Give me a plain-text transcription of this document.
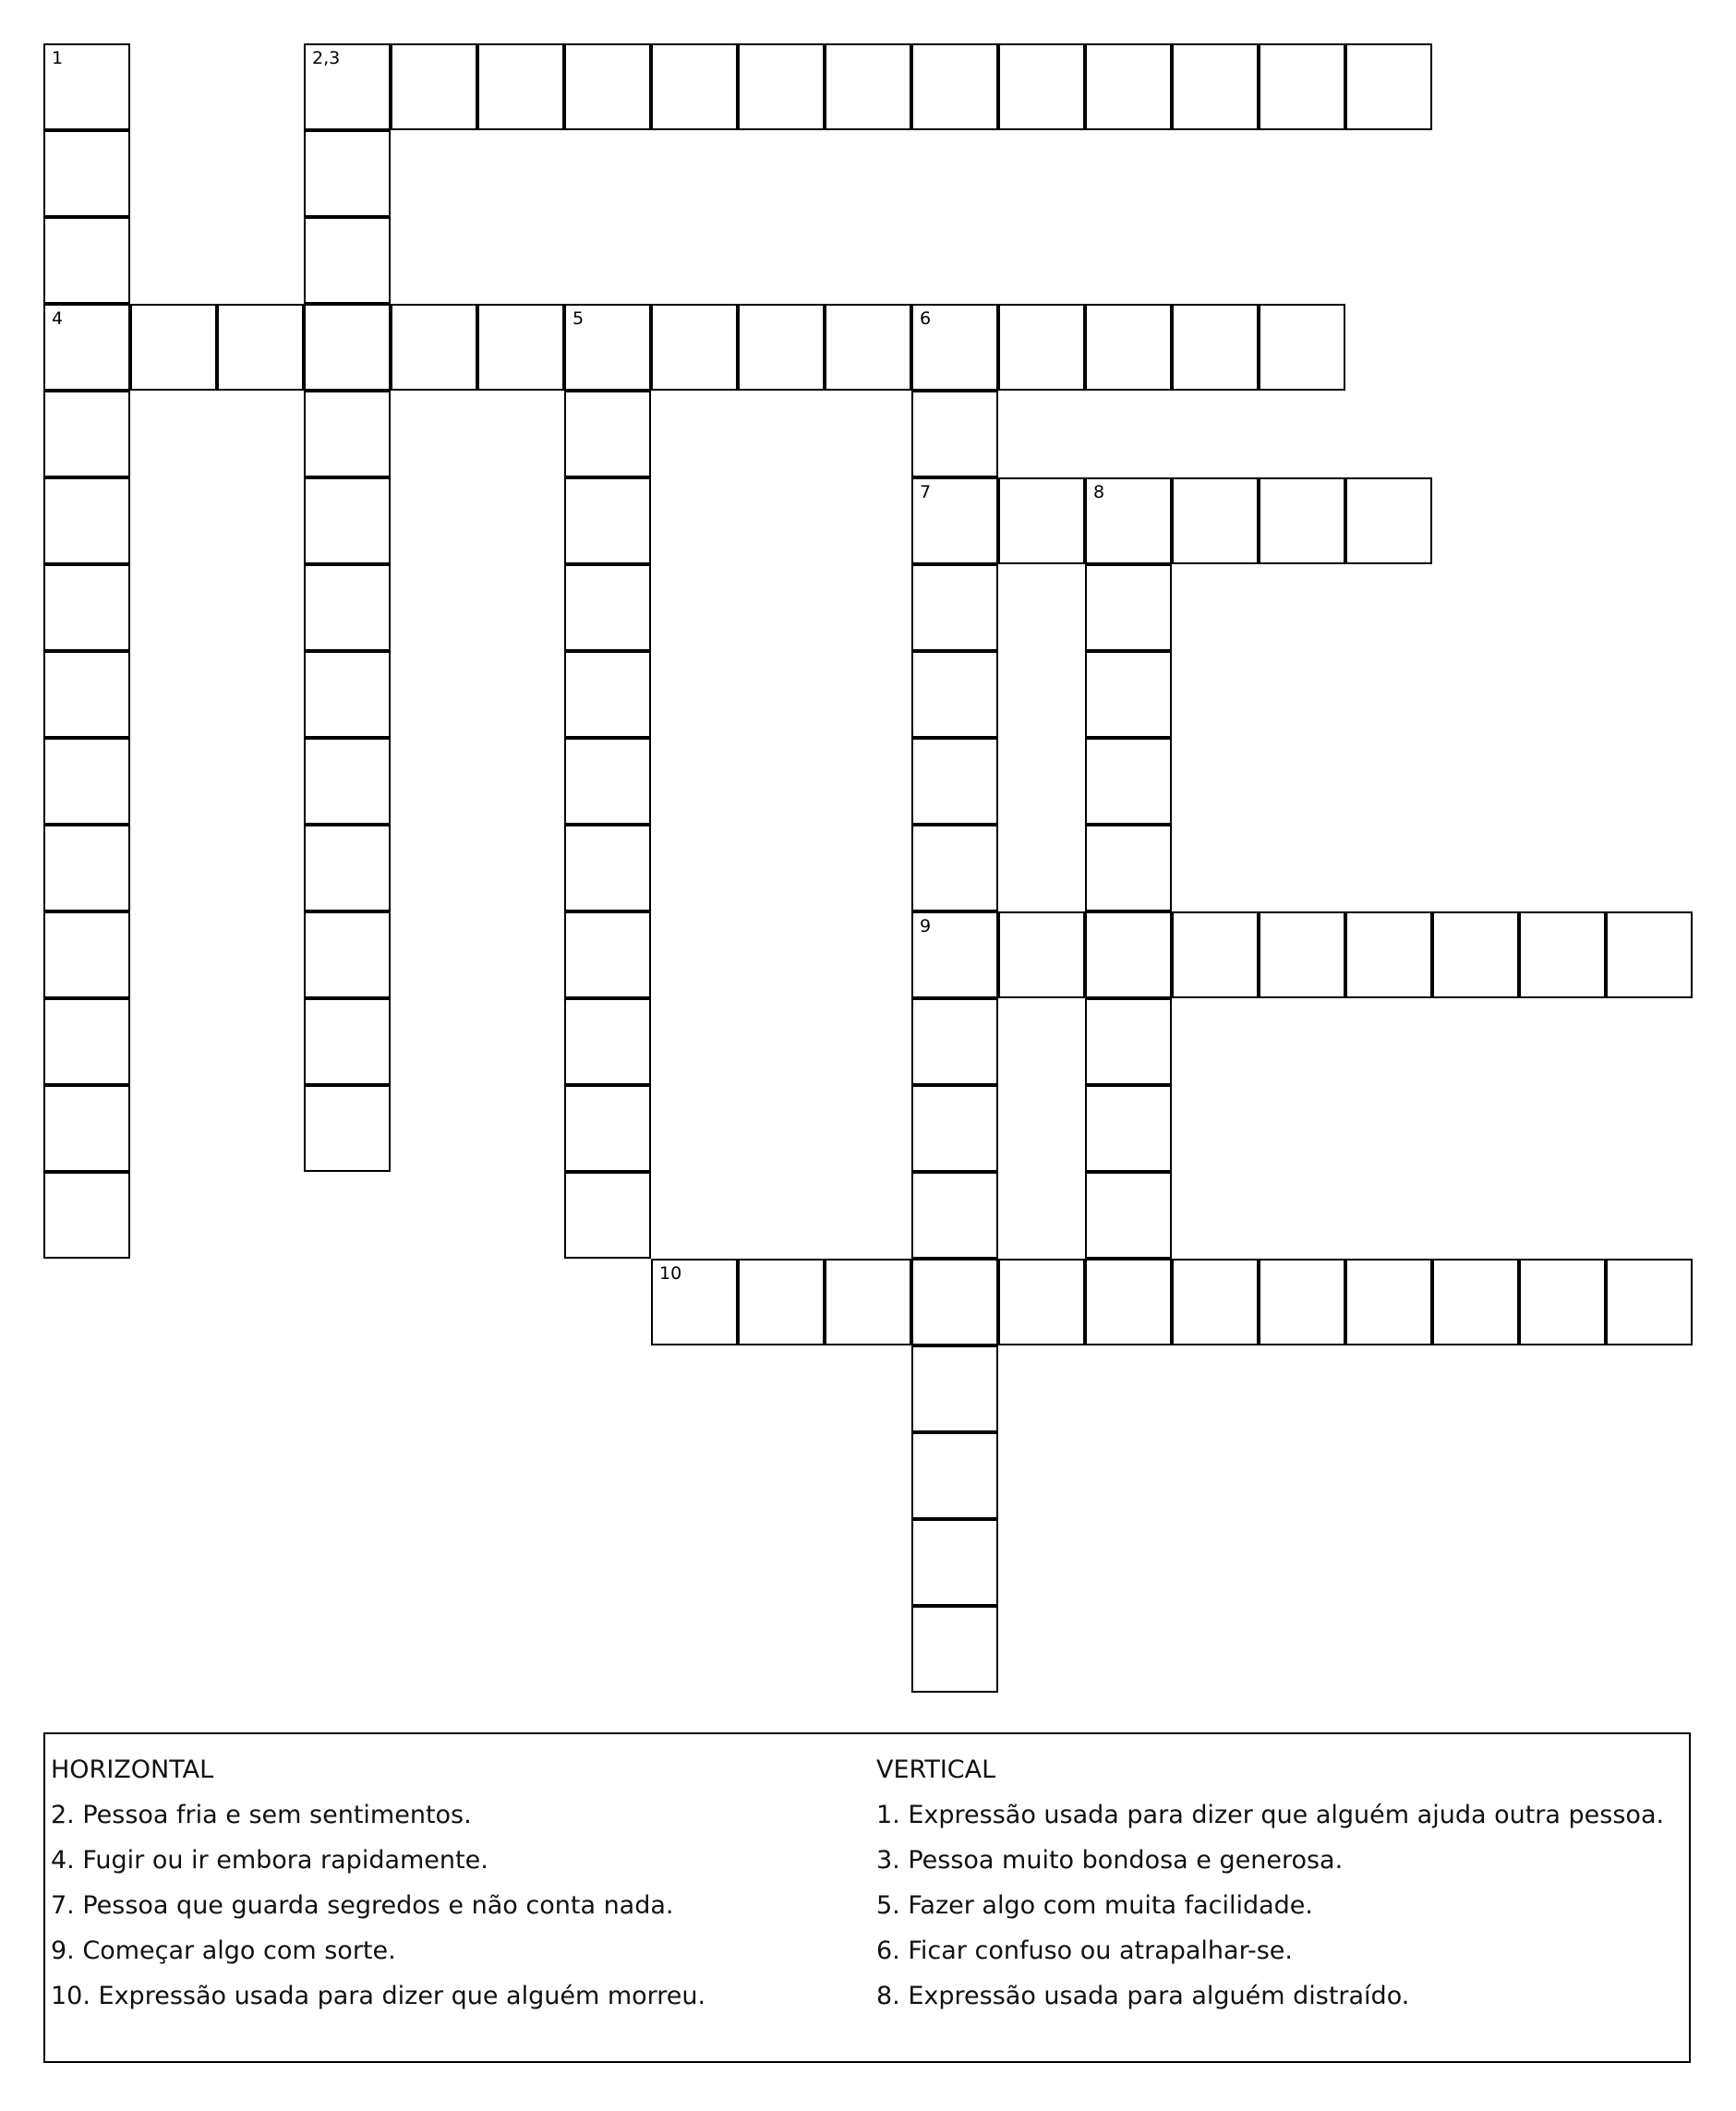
1	2,3
4	5	6
7	8
9
10
HORIZONTAL
2. Pessoa fria e sem sentimentos.
4. Fugir ou ir embora rapidamente.
7. Pessoa que guarda segredos e não conta nada.
9. Começar algo com sorte.
10. Expressão usada para dizer que alguém morreu.
VERTICAL
1. Expressão usada para dizer que alguém ajuda outra pessoa.
3. Pessoa muito bondosa e generosa.
5. Fazer algo com muita facilidade.
6. Ficar confuso ou atrapalhar-se.
8. Expressão usada para alguém distraído.
